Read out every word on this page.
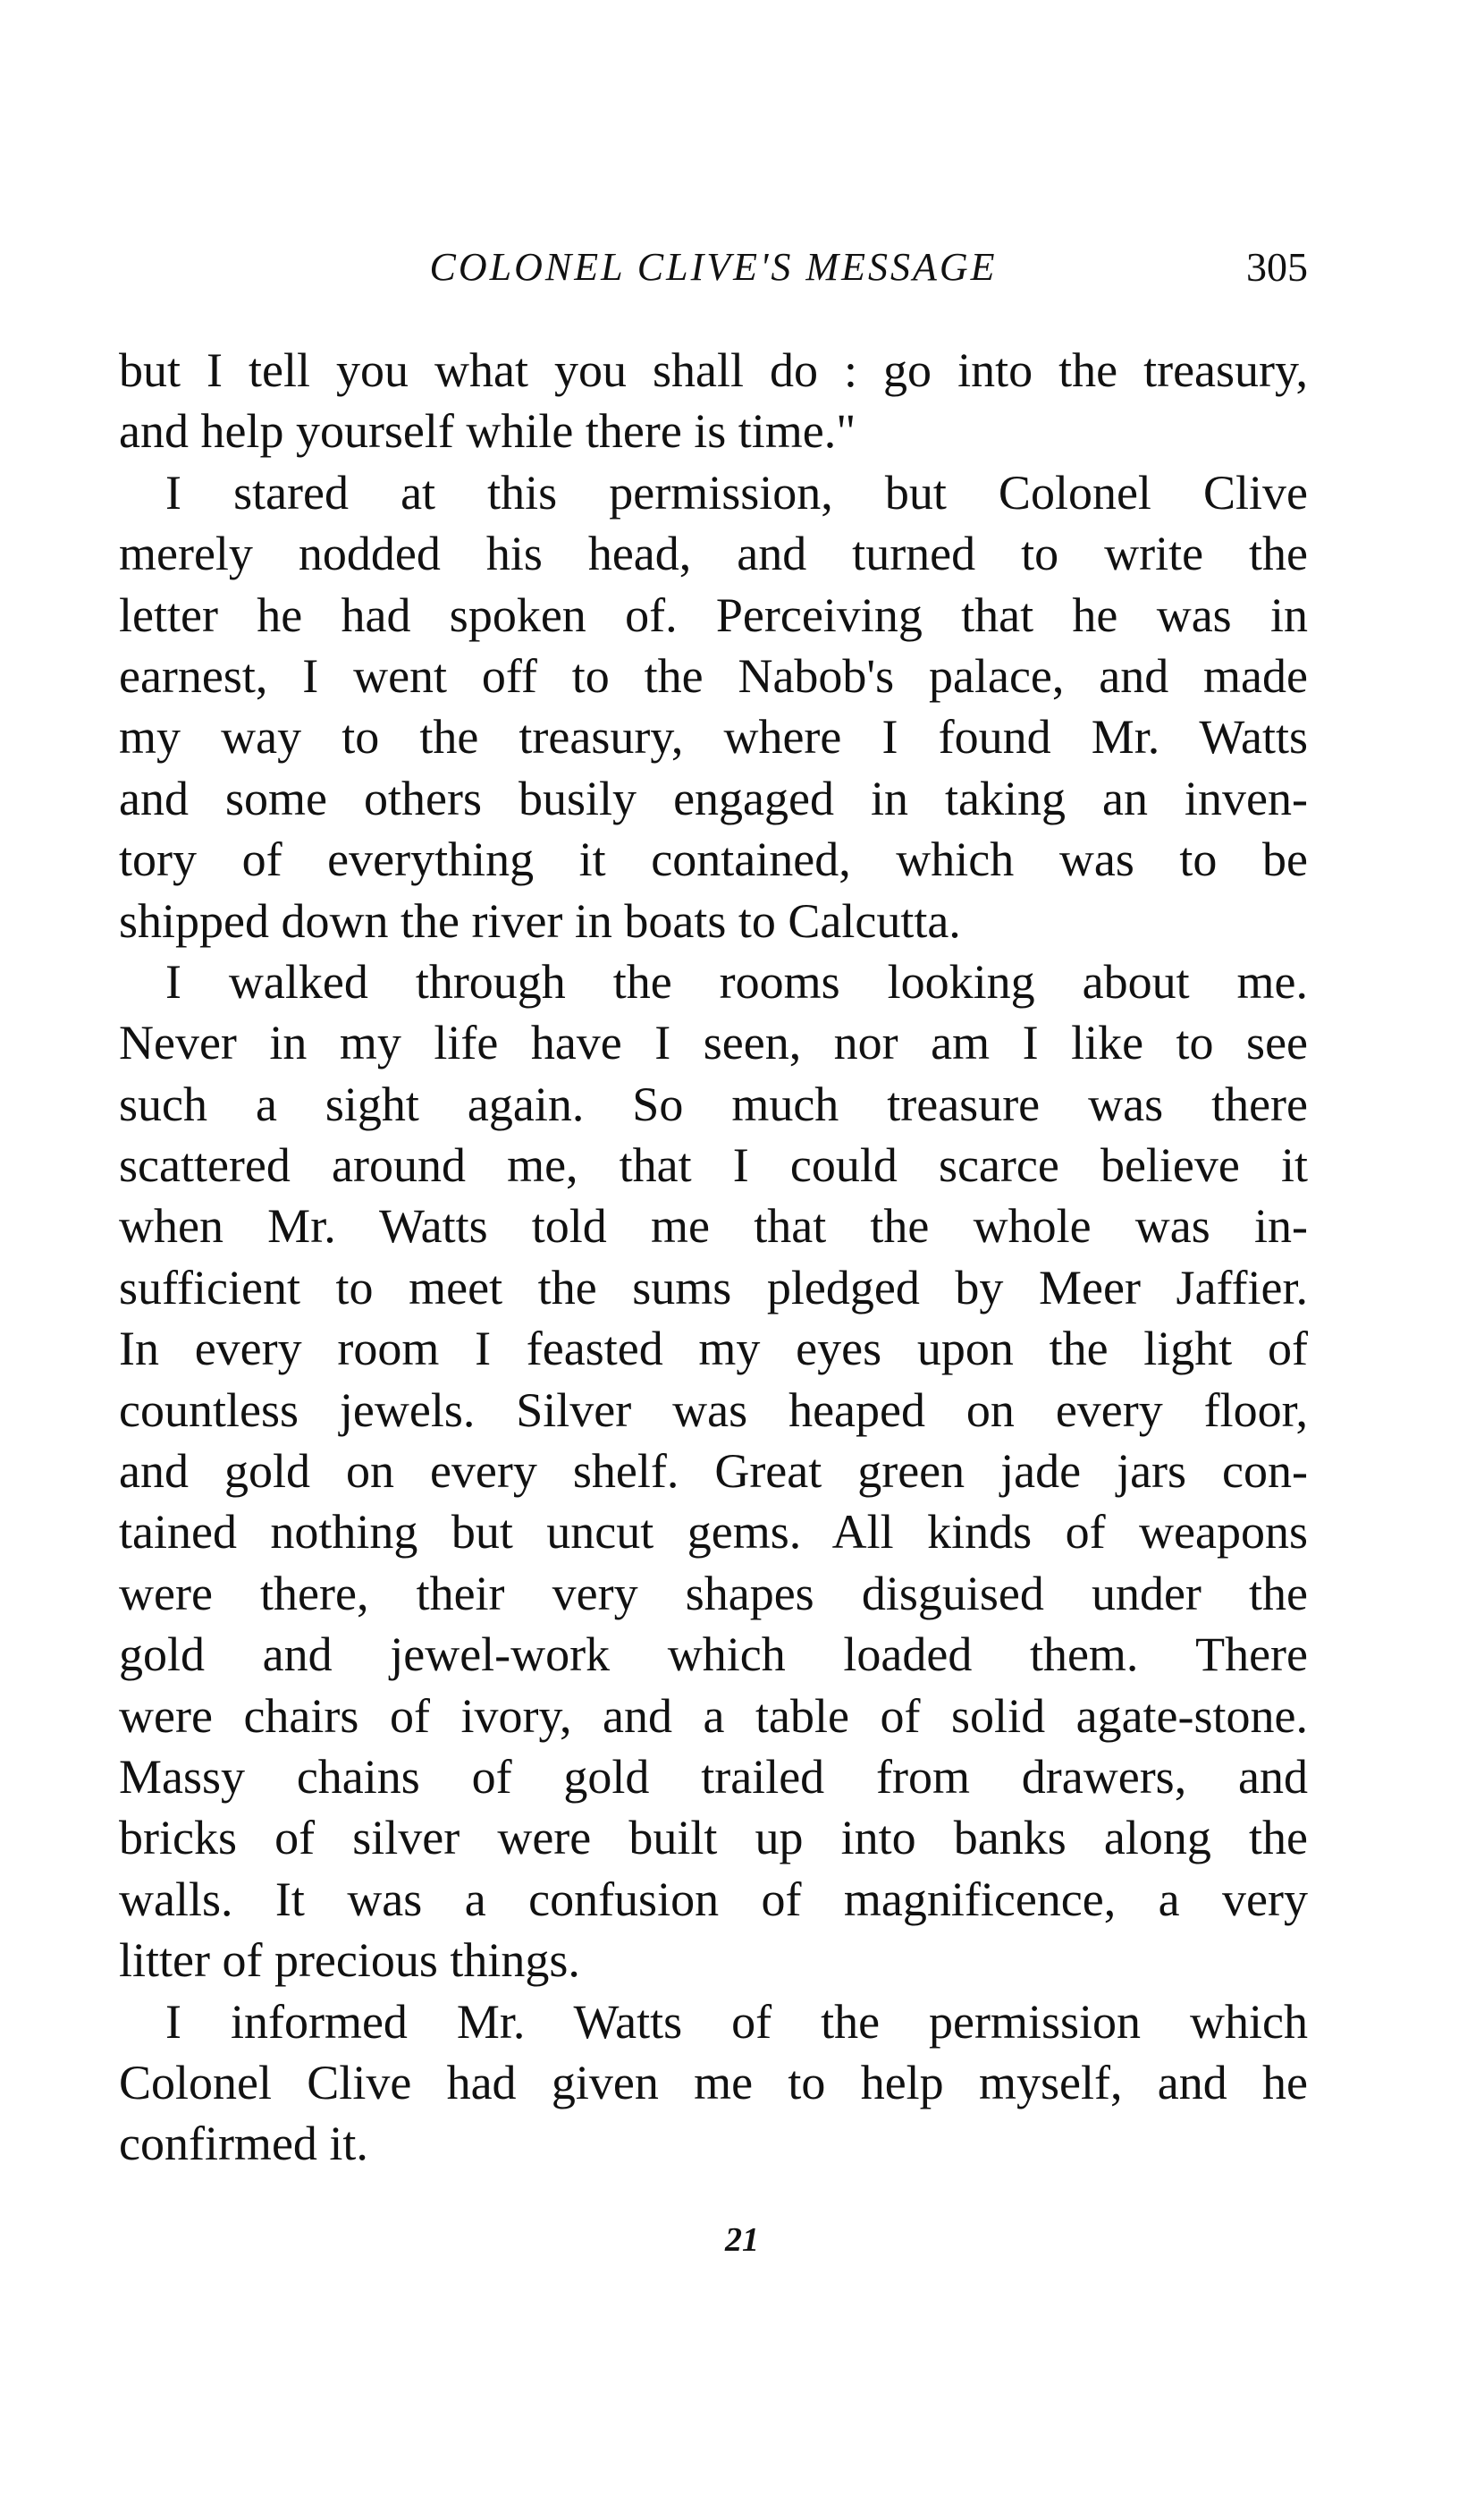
COLONEL CLIVE'S MESSAGE	305
but I tell you what you shall do : go into the treasury,
and help yourself while there is time."
I stared at this permission, but Colonel Clive
merely nodded his head, and turned to write the
letter he had spoken of. Perceiving that he was in
earnest, I went off to the Nabob's palace, and made
my way to the treasury, where I found Mr. Watts
and some others busily engaged in taking an inven-
tory of everything it contained, which was to be
shipped down the river in boats to Calcutta.
I walked through the rooms looking about me.
Never in my life have I seen, nor am I like to see
such a sight again. So much treasure was there
scattered around me, that I could scarce believe it
when Mr. Watts told me that the whole was in-
sufficient to meet the sums pledged by Meer Jaffier.
In every room I feasted my eyes upon the light of
countless jewels. Silver was heaped on every floor,
and gold on every shelf. Great green jade jars con-
tained nothing but uncut gems. All kinds of weapons
were there, their very shapes disguised under the
gold and jewel-work which loaded them. There
were chairs of ivory, and a table of solid agate-stone.
Massy chains of gold trailed from drawers, and
bricks of silver were built up into banks along the
walls. It was a confusion of magnificence, a very
litter of precious things.
I informed Mr. Watts of the permission which
Colonel Clive had given me to help myself, and he
confirmed it.
21
